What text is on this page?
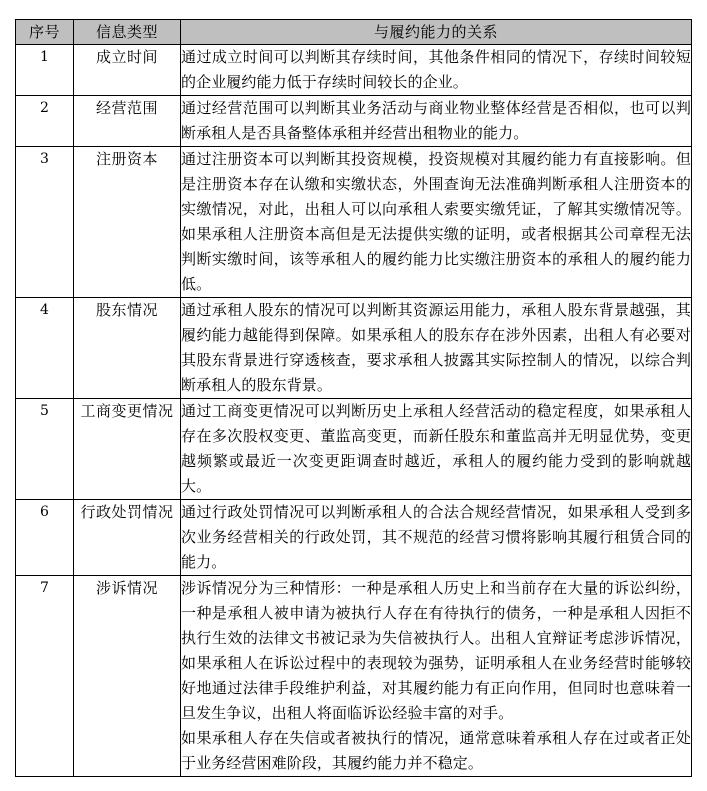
序号	信息类型	与履约能力的关系
1	成立时间	通过成立时间可以判断其存续时间，其他条件相同的情况下，存续时间较短的企业履约能力低于存续时间较长的企业。

2	经营范围	通过经营范围可以判断其业务活动与商业物业整体经营是否相似，也可以判断承租人是否具备整体承租并经营出租物业的能力。

3	注册资本	通过注册资本可以判断其投资规模，投资规模对其履约能力有直接影响。但是注册资本存在认缴和实缴状态，外围查询无法准确判断承租人注册资本的实缴情况，对此，出租人可以向承租人索要实缴凭证，了解其实缴情况等。如果承租人注册资本高但是无法提供实缴的证明，或者根据其公司章程无法判断实缴时间，该等承租人的履约能力比实缴注册资本的承租人的履约能力低。

4	股东情况	通过承租人股东的情况可以判断其资源运用能力，承租人股东背景越强，其履约能力越能得到保障。如果承租人的股东存在涉外因素，出租人有必要对其股东背景进行穿透核查，要求承租人披露其实际控制人的情况，以综合判断承租人的股东背景。

5	工商变更情况	通过工商变更情况可以判断历史上承租人经营活动的稳定程度，如果承租人存在多次股权变更、董监高变更，而新任股东和董监高并无明显优势，变更越频繁或最近一次变更距调查时越近，承租人的履约能力受到的影响就越大。

6	行政处罚情况	通过行政处罚情况可以判断承租人的合法合规经营情况，如果承租人受到多次业务经营相关的行政处罚，其不规范的经营习惯将影响其履行租赁合同的能力。

7	涉诉情况	涉诉情况分为三种情形：一种是承租人历史上和当前存在大量的诉讼纠纷，一种是承租人被申请为被执行人存在有待执行的债务，一种是承租人因拒不执行生效的法律文书被记录为失信被执行人。出租人宜辩证考虑涉诉情况，如果承租人在诉讼过程中的表现较为强势，证明承租人在业务经营时能够较好地通过法律手段维护利益，对其履约能力有正向作用，但同时也意味着一旦发生争议，出租人将面临诉讼经验丰富的对手。

如果承租人存在失信或者被执行的情况，通常意味着承租人存在过或者正处于业务经营困难阶段，其履约能力并不稳定。
